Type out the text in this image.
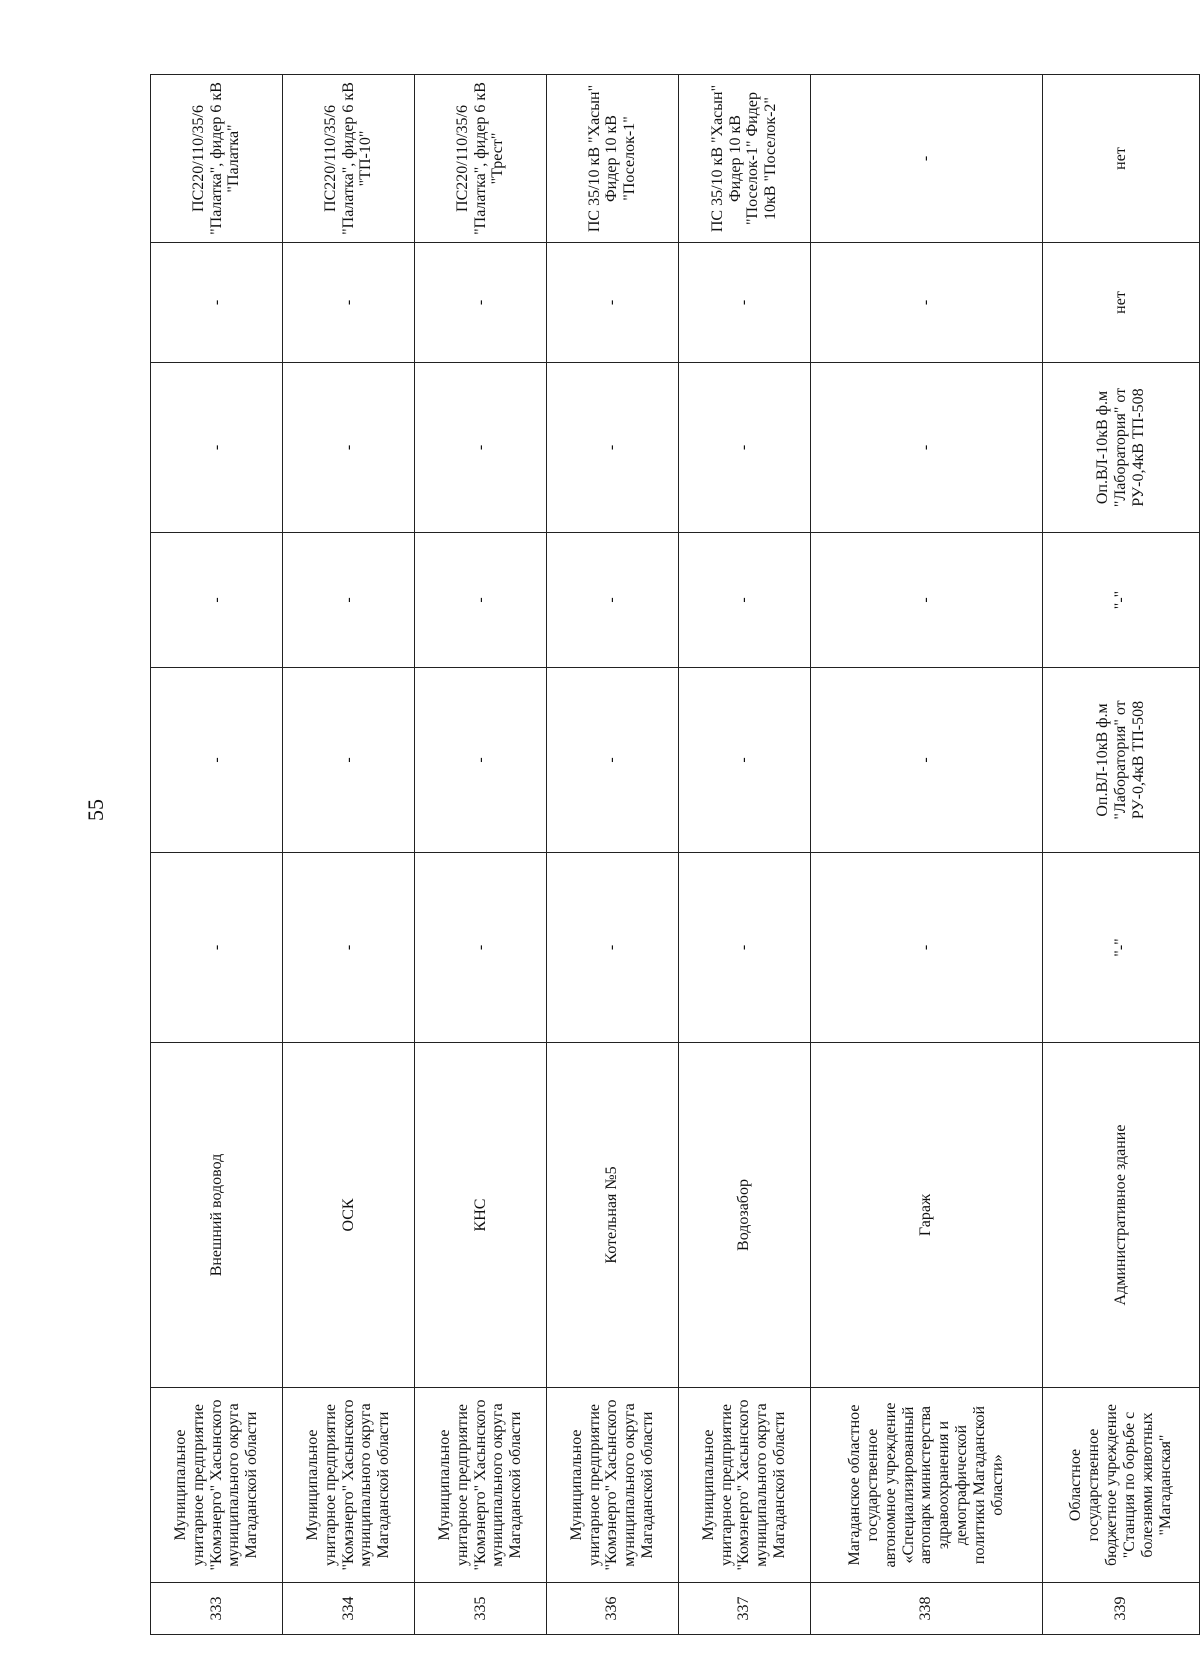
55
333	Муниципальное унитарное предприятие "Комэнерго" Хасынского муниципального округа Магаданской области	Внешний водовод	-	-	-	-	-	ПС220/110/35/6 "Палатка", фидер 6 кВ "Палатка"
334	Муниципальное унитарное предприятие "Комэнерго" Хасынского муниципального округа Магаданской области	ОСК	-	-	-	-	-	ПС220/110/35/6 "Палатка", фидер 6 кВ "ТП-10"
335	Муниципальное унитарное предприятие "Комэнерго" Хасынского муниципального округа Магаданской области	КНС	-	-	-	-	-	ПС220/110/35/6 "Палатка", фидер 6 кВ "Трест"
336	Муниципальное унитарное предприятие "Комэнерго" Хасынского муниципального округа Магаданской области	Котельная №5	-	-	-	-	-	ПС 35/10 кВ "Хасын" Фидер 10 кВ "Поселок-1"
337	Муниципальное унитарное предприятие "Комэнерго" Хасынского муниципального округа Магаданской области	Водозабор	-	-	-	-	-	ПС 35/10 кВ "Хасын" Фидер 10 кВ "Поселок-1" Фидер 10кВ "Поселок-2"
338	Магаданское областное государственное автономное учреждение «Специализированный автопарк министерства здравоохранения и демографической политики Магаданской области»	Гараж	-	-	-	-	-	-
339	Областное государственное бюджетное учреждение "Станция по борьбе с болезнями животных "Магаданская"	Административное здание	"-"	Оп.ВЛ-10кВ ф.м "Лаборатория" от РУ-0,4кВ ТП-508	"-"	Оп.ВЛ-10кВ ф.м "Лаборатория" от РУ-0,4кВ ТП-508	нет	нет
